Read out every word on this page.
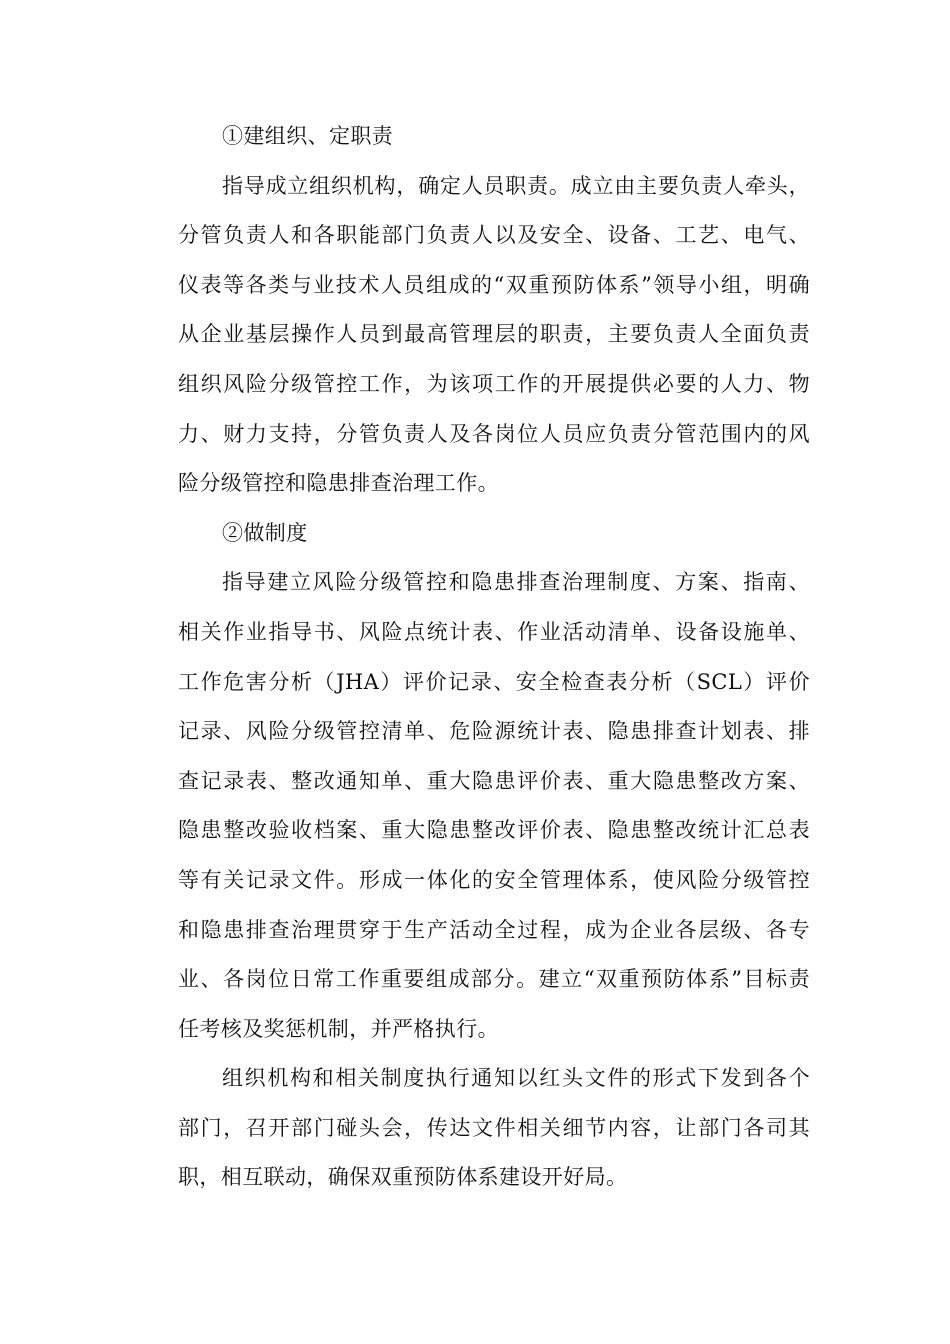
①建组织、定职责

指导成立组织机构，确定人员职责。成立由主要负责人牵头，
分管负责人和各职能部门负责人以及安全、设备、工艺、电气、
仪表等各类与业技术人员组成的“双重预防体系”领导小组，明确
从企业基层操作人员到最高管理层的职责，主要负责人全面负责
组织风险分级管控工作，为该项工作的开展提供必要的人力、物
力、财力支持，分管负责人及各岗位人员应负责分管范围内的风
险分级管控和隐患排查治理工作。

②做制度

指导建立风险分级管控和隐患排查治理制度、方案、指南、
相关作业指导书、风险点统计表、作业活动清单、设备设施单、
工作危害分析（JHA）评价记录、安全检查表分析（SCL）评价
记录、风险分级管控清单、危险源统计表、隐患排查计划表、排
查记录表、整改通知单、重大隐患评价表、重大隐患整改方案、
隐患整改验收档案、重大隐患整改评价表、隐患整改统计汇总表
等有关记录文件。形成一体化的安全管理体系，使风险分级管控
和隐患排查治理贯穿于生产活动全过程，成为企业各层级、各专
业、各岗位日常工作重要组成部分。建立“双重预防体系”目标责
任考核及奖惩机制，并严格执行。
组织机构和相关制度执行通知以红头文件的形式下发到各个
部门，召开部门碰头会，传达文件相关细节内容，让部门各司其
职，相互联动，确保双重预防体系建设开好局。
